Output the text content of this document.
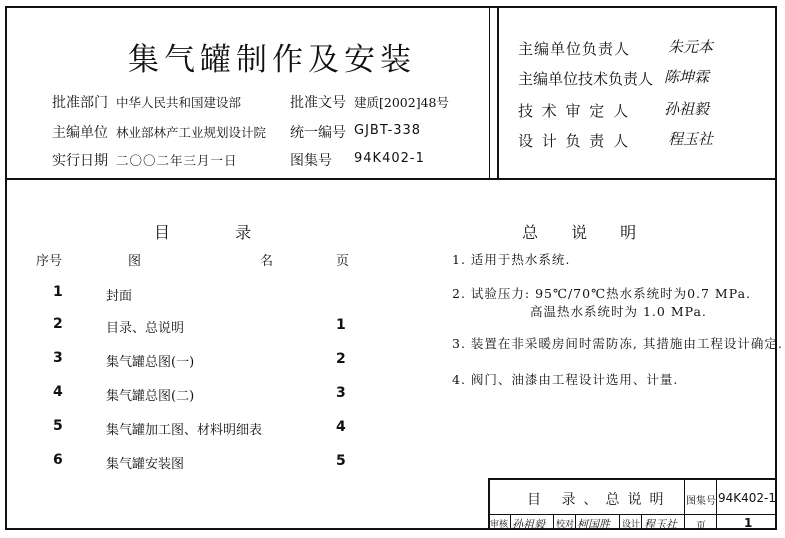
集气罐制作及安装
批准部门 中华人民共和国建设部	批准文号 建质[2002]48号
主编单位 林业部林产工业规划设计院 统一编号 GJBT-338
实行日期 二〇〇二年三月一日	图集号 94K402-1
主编单位负责人	朱元本
主编单位技术负责人 陈坤霖
技 术 审 定 人 孙祖毅
设 计 负 责 人	程玉社
目 录
序号	图	名	页
1	封面
2	目录、总说明	1
3	集气罐总图(一)	2
4	集气罐总图(二)	3
5	集气罐加工图、材料明细表	4
6	集气罐安装图	5
总 说 明
1. 适用于热水系统.
2. 试验压力: 95℃/70℃热水系统时为0.7 MPa.
高温热水系统时为 1.0 MPa.
3. 装置在非采暖房间时需防冻, 其措施由工程设计确定.
4. 阀门、油漆由工程设计选用、计量.
目 录、总说明 图集号 94K402-1
审核 孙祖毅 校对 柯国胜 设计 程玉社 页	1
